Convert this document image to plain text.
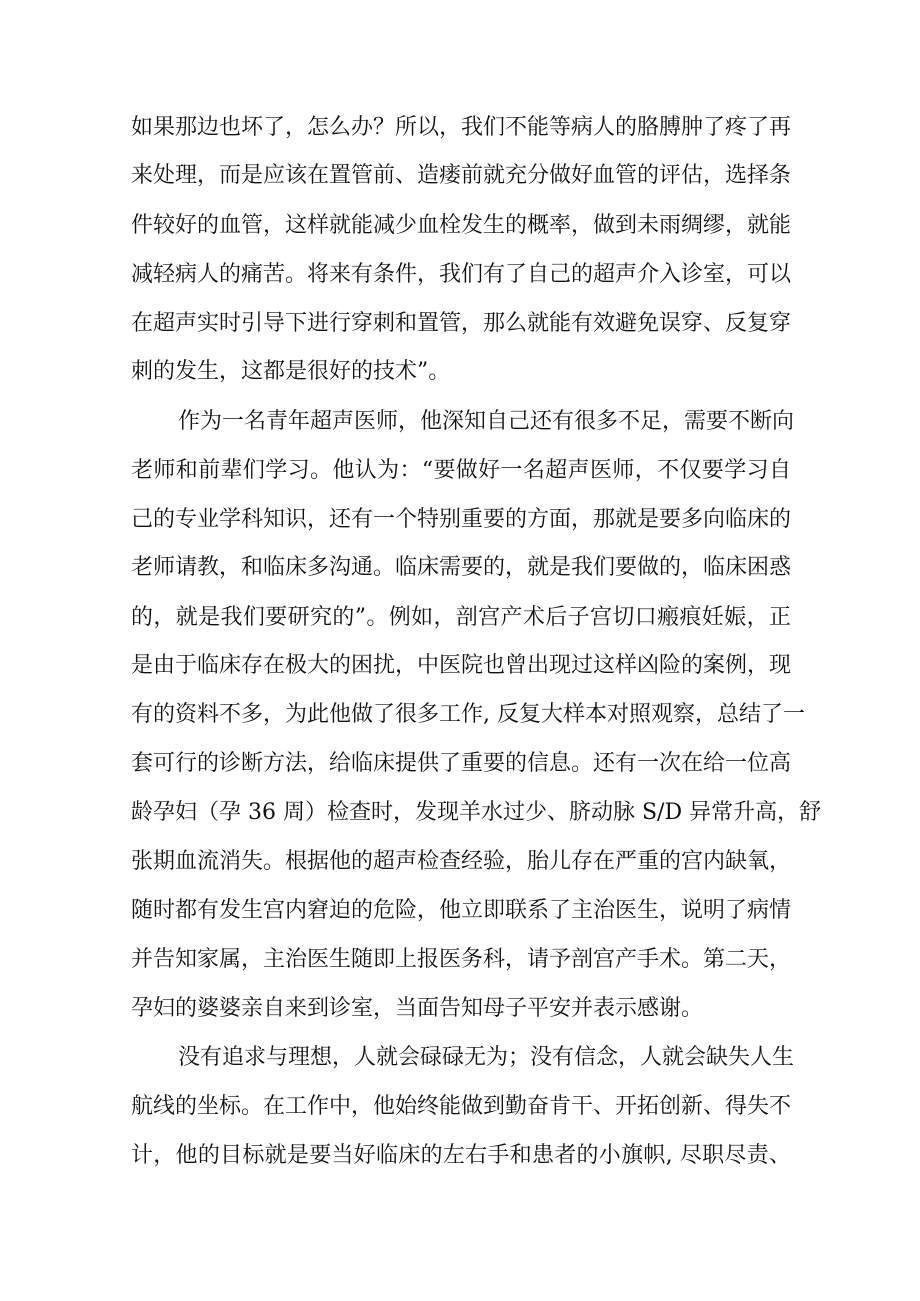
如果那边也坏了，怎么办？所以，我们不能等病人的胳膊肿了疼了再

来处理，而是应该在置管前、造瘘前就充分做好血管的评估，选择条

件较好的血管，这样就能减少血栓发生的概率，做到未雨绸缪，就能

减轻病人的痛苦。将来有条件，我们有了自己的超声介入诊室，可以

在超声实时引导下进行穿刺和置管，那么就能有效避免误穿、反复穿

刺的发生，这都是很好的技术”。

作为一名青年超声医师，他深知自己还有很多不足，需要不断向

老师和前辈们学习。他认为：“要做好一名超声医师，不仅要学习自

己的专业学科知识，还有一个特别重要的方面，那就是要多向临床的

老师请教，和临床多沟通。临床需要的，就是我们要做的，临床困惑

的，就是我们要研究的”。例如，剖宫产术后子宫切口瘢痕妊娠，正

是由于临床存在极大的困扰，中医院也曾出现过这样凶险的案例，现

有的资料不多，为此他做了很多工作, 反复大样本对照观察，总结了一

套可行的诊断方法，给临床提供了重要的信息。还有一次在给一位高

龄孕妇（孕 36 周）检查时，发现羊水过少、脐动脉 S/D 异常升高，舒

张期血流消失。根据他的超声检查经验，胎儿存在严重的宫内缺氧，

随时都有发生宫内窘迫的危险，他立即联系了主治医生，说明了病情

并告知家属，主治医生随即上报医务科，请予剖宫产手术。第二天，

孕妇的婆婆亲自来到诊室，当面告知母子平安并表示感谢。

没有追求与理想，人就会碌碌无为；没有信念，人就会缺失人生

航线的坐标。在工作中，他始终能做到勤奋肯干、开拓创新、得失不

计，他的目标就是要当好临床的左右手和患者的小旗帜, 尽职尽责、
